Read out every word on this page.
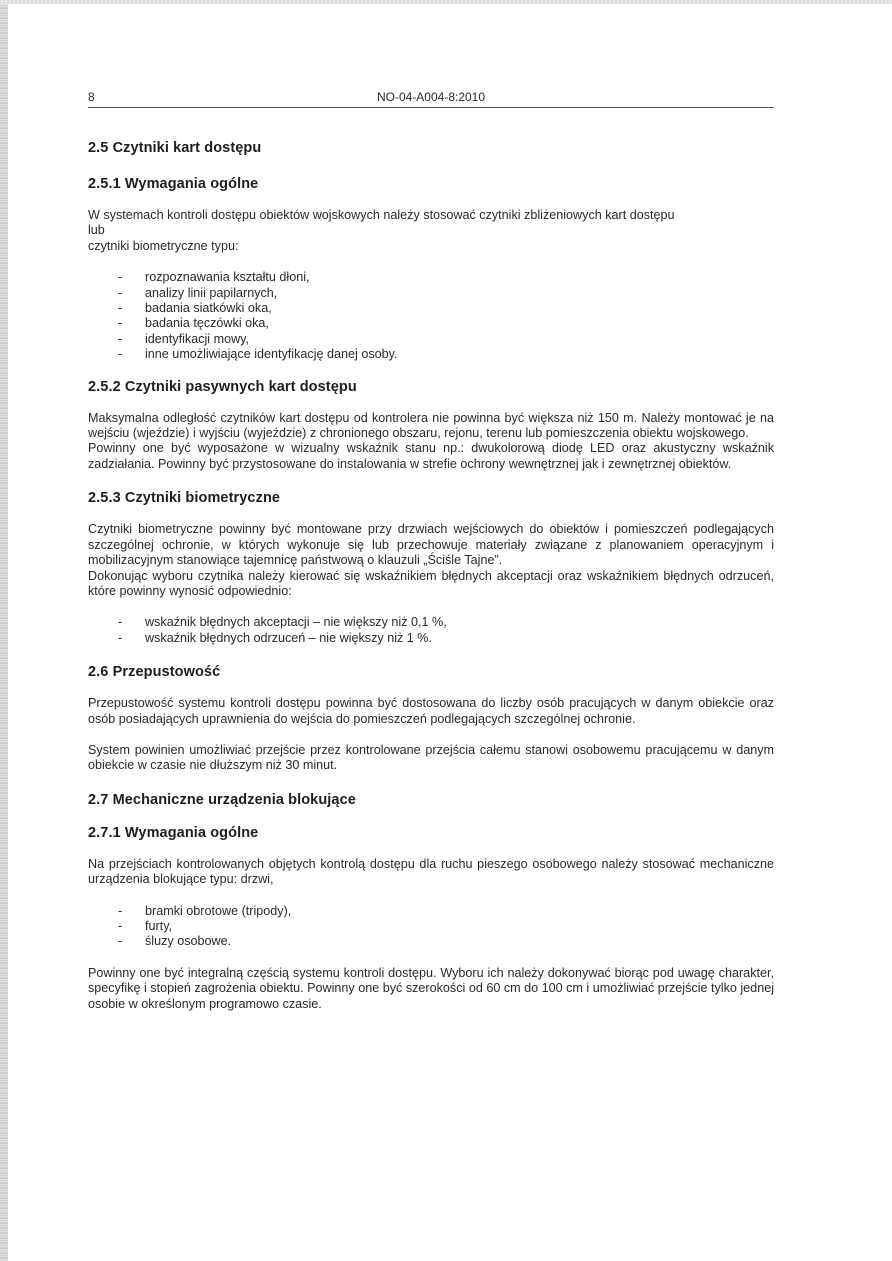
8	NO-04-A004-8:2010
2.5 Czytniki kart dostępu
2.5.1 Wymagania ogólne

W systemach kontroli dostępu obiektów wojskowych należy stosować czytniki zbliżeniowych kart dostępu

lub

czytniki biometryczne typu:

- rozpoznawania kształtu dłoni,
- analizy linii papilarnych,
- badania siatkówki oka,
- badania tęczówki oka,
- identyfikacji mowy,
- inne umożliwiające identyfikację danej osoby.
2.5.2 Czytniki pasywnych kart dostępu

Maksymalna odległość czytników kart dostępu od kontrolera nie powinna być większa niż 150 m. Należy montować je na wejściu (wjeździe) i wyjściu (wyjeździe) z chronionego obszaru, rejonu, terenu lub pomieszczenia obiektu wojskowego.

Powinny one być wyposażone w wizualny wskaźnik stanu np.: dwukolorową diodę LED oraz akustyczny wskaźnik zadziałania. Powinny być przystosowane do instalowania w strefie ochrony wewnętrznej jak i zewnętrznej obiektów.

2.5.3 Czytniki biometryczne

Czytniki biometryczne powinny być montowane przy drzwiach wejściowych do obiektów i pomieszczeń podlegających szczególnej ochronie, w których wykonuje się lub przechowuje materiały związane z planowaniem operacyjnym i mobilizacyjnym stanowiące tajemnicę państwową o klauzuli „Ściśle Tajne”.

Dokonując wyboru czytnika należy kierować się wskaźnikiem błędnych akceptacji oraz wskaźnikiem błędnych odrzuceń, które powinny wynosić odpowiednio:

- wskaźnik błędnych akceptacji – nie większy niż 0,1 %,
- wskaźnik błędnych odrzuceń – nie większy niż 1 %.
2.6 Przepustowość

Przepustowość systemu kontroli dostępu powinna być dostosowana do liczby osób pracujących w danym obiekcie oraz osób posiadających uprawnienia do wejścia do pomieszczeń podlegających szczególnej ochronie.

System powinien umożliwiać przejście przez kontrolowane przejścia całemu stanowi osobowemu pracującemu w danym obiekcie w czasie nie dłuższym niż 30 minut.

2.7 Mechaniczne urządzenia blokujące
2.7.1 Wymagania ogólne

Na przejściach kontrolowanych objętych kontrolą dostępu dla ruchu pieszego osobowego należy stosować mechaniczne urządzenia blokujące typu: drzwi,

- bramki obrotowe (tripody),
- furty,
- śluzy osobowe.

Powinny one być integralną częścią systemu kontroli dostępu. Wyboru ich należy dokonywać biorąc pod uwagę charakter, specyfikę i stopień zagrożenia obiektu. Powinny one być szerokości od 60 cm do 100 cm i umożliwiać przejście tylko jednej osobie w określonym programowo czasie.
